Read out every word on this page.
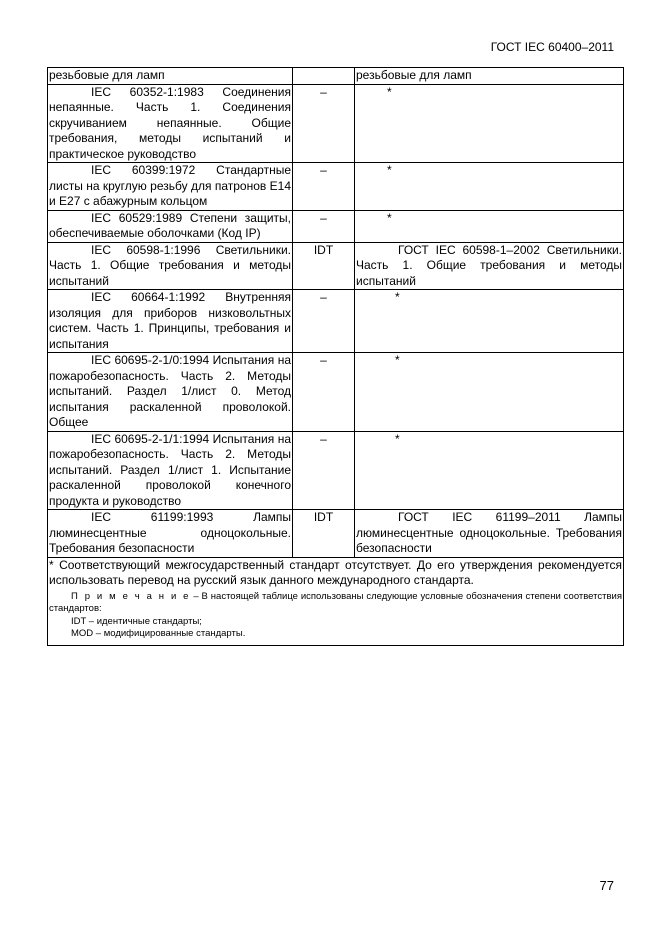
ГОСТ IEC 60400–2011
резьбовые для ламп		резьбовые для ламп
IEC 60352-1:1983 Соединения непаянные. Часть 1. Соединения скручиванием непаянные. Общие требования, методы испытаний и практическое руководство	–	*
IEC 60399:1972 Стандартные листы на круглую резьбу для патронов E14 и E27 с абажурным кольцом	–	*
IEC 60529:1989 Степени защиты, обеспечиваемые оболочками (Код IP)	–	*
IEC 60598-1:1996 Светильники. Часть 1. Общие требования и методы испытаний	IDT	ГОСТ IEC 60598-1–2002 Светильники. Часть 1. Общие требования и методы испытаний
IEC 60664-1:1992 Внутренняя изоляция для приборов низковольтных систем. Часть 1. Принципы, требования и испытания	–	*
IEC 60695-2-1/0:1994 Испытания на пожаробезопасность. Часть 2. Методы испытаний. Раздел 1/лист 0. Метод испытания раскаленной проволокой. Общее	–	*
IEC 60695-2-1/1:1994 Испытания на пожаробезопасность. Часть 2. Методы испытаний. Раздел 1/лист 1. Испытание раскаленной проволокой конечного продукта и руководство	–	*
IEC 61199:1993 Лампы люминесцентные одноцокольные. Требования безопасности	IDT	ГОСТ IEC 61199–2011 Лампы люминесцентные одноцокольные. Требования безопасности

* Соответствующий межгосударственный стандарт отсутствует. До его утверждения рекомендуется использовать перевод на русский язык данного международного стандарта.
П р и м е ч а н и е – В настоящей таблице использованы следующие условные обозначения степени соответствия стандартов:
IDT – идентичные стандарты;
MOD – модифицированные стандарты.		
77
